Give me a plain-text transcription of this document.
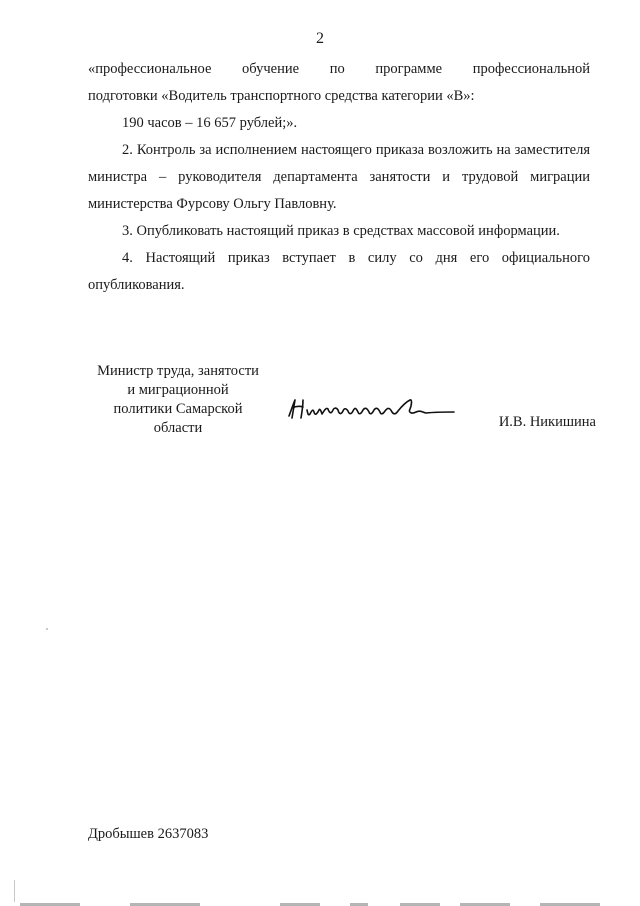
2
«профессиональное обучение по программе профессиональной
подготовки «Водитель транспортного средства категории «В»:
190 часов – 16 657 рублей;».
2. Контроль за исполнением настоящего приказа возложить на заместителя министра – руководителя департамента занятости и трудовой миграции министерства Фурсову Ольгу Павловну.
3. Опубликовать настоящий приказ в средствах массовой информации.
4. Настоящий приказ вступает в силу со дня его официального опубликования.
Министр труда, занятости
и миграционной
политики Самарской
области	И.В. Никишина
Дробышев 2637083
